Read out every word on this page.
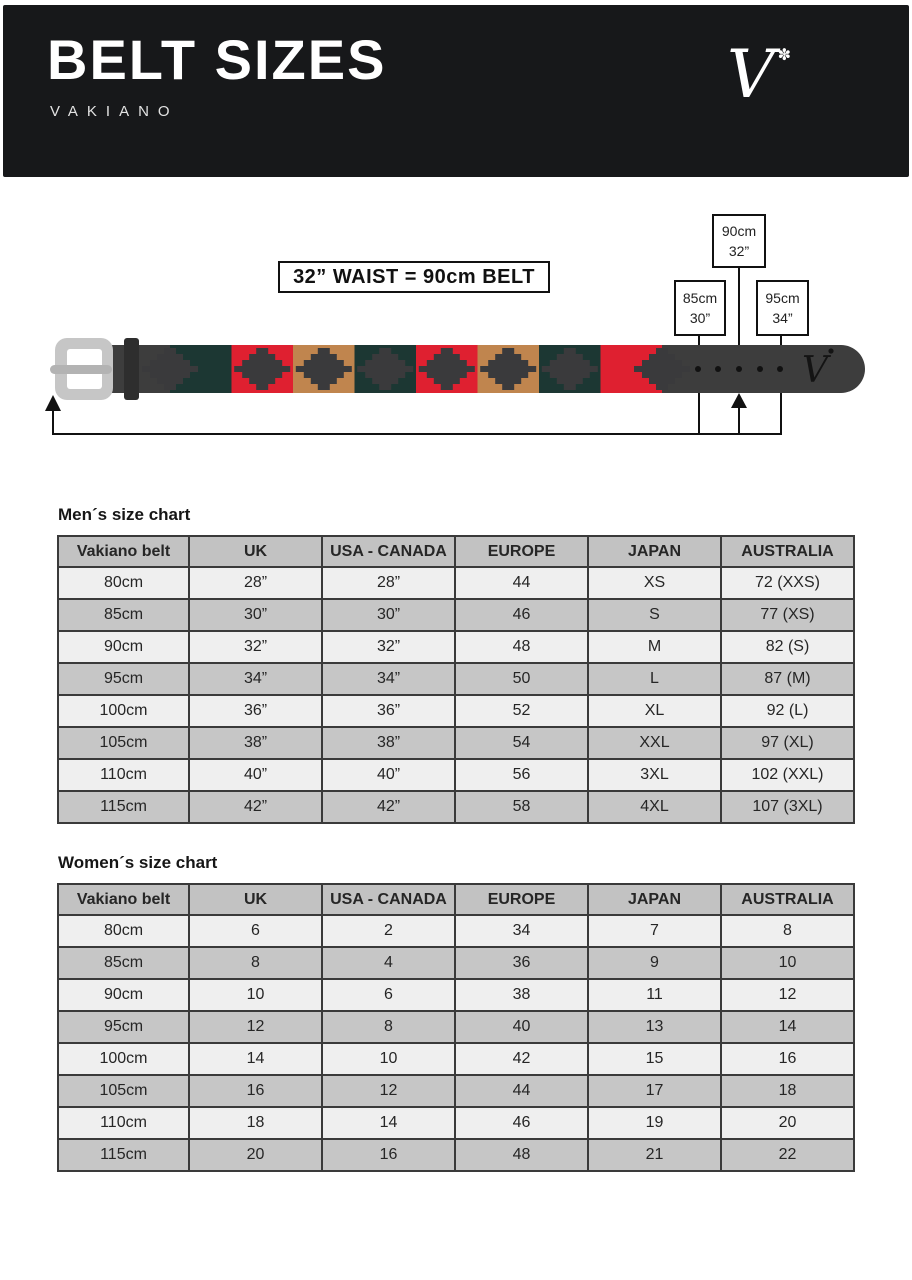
BELT SIZES
VAKIANO	V ✽
V
32” WAIST = 90cm BELT
90cm
32”
85cm
30”
95cm
34”
Men´s size chart
Vakiano belt	UK	USA - CANADA	EUROPE	JAPAN	AUSTRALIA
80cm	28”	28”	44	XS	72 (XXS)
85cm	30”	30”	46	S	77 (XS)
90cm	32”	32”	48	M	82 (S)
95cm	34”	34”	50	L	87 (M)
100cm	36”	36”	52	XL	92 (L)
105cm	38”	38”	54	XXL	97 (XL)
110cm	40”	40”	56	3XL	102 (XXL)
115cm	42”	42”	58	4XL	107 (3XL)
Women´s size chart
Vakiano belt	UK	USA - CANADA	EUROPE	JAPAN	AUSTRALIA
80cm	6	2	34	7	8
85cm	8	4	36	9	10
90cm	10	6	38	11	12
95cm	12	8	40	13	14
100cm	14	10	42	15	16
105cm	16	12	44	17	18
110cm	18	14	46	19	20
115cm	20	16	48	21	22
